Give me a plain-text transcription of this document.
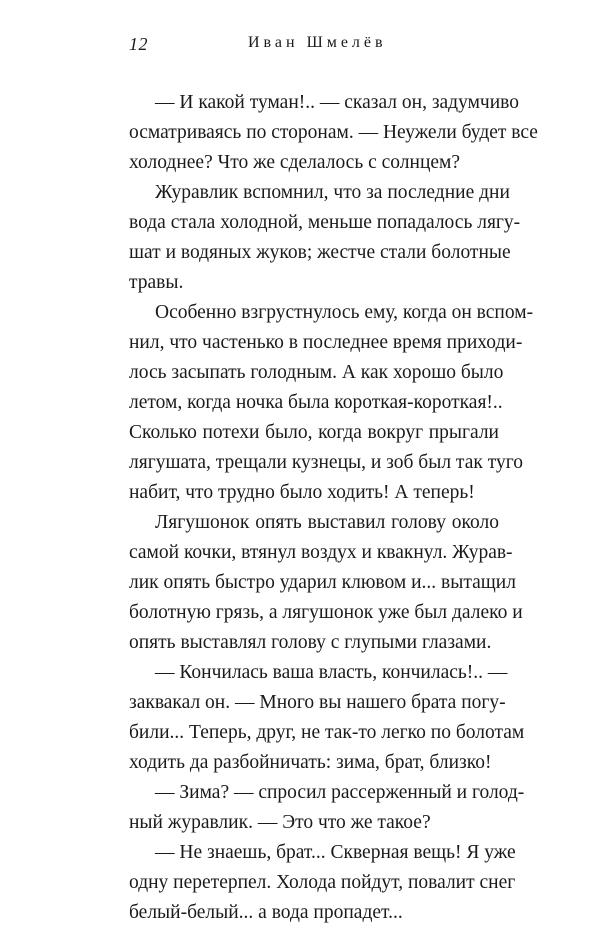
12	Иван Шмелёв
— И какой туман!.. — сказал он, задумчиво
осматриваясь по сторонам. — Неужели будет все
холоднее? Что же сделалось с солнцем?
Журавлик вспомнил, что за последние дни
вода стала холодной, меньше попадалось лягу-
шат и водяных жуков; жестче стали болотные
травы.
Особенно взгрустнулось ему, когда он вспом-
нил, что частенько в последнее время приходи-
лось засыпать голодным. А как хорошо было
летом, когда ночка была короткая-короткая!..
Сколько потехи было, когда вокруг прыгали
лягушата, трещали кузнецы, и зоб был так туго
набит, что трудно было ходить! А теперь!
Лягушонок опять выставил голову около
самой кочки, втянул воздух и квакнул. Журав-
лик опять быстро ударил клювом и... вытащил
болотную грязь, а лягушонок уже был далеко и
опять выставлял голову с глупыми глазами.
— Кончилась ваша власть, кончилась!.. —
заквакал он. — Много вы нашего брата погу-
били... Теперь, друг, не так-то легко по болотам
ходить да разбойничать: зима, брат, близко!
— Зима? — спросил рассерженный и голод-
ный журавлик. — Это что же такое?
— Не знаешь, брат... Скверная вещь! Я уже
одну перетерпел. Холода пойдут, повалит снег
белый-белый... а вода пропадет...
